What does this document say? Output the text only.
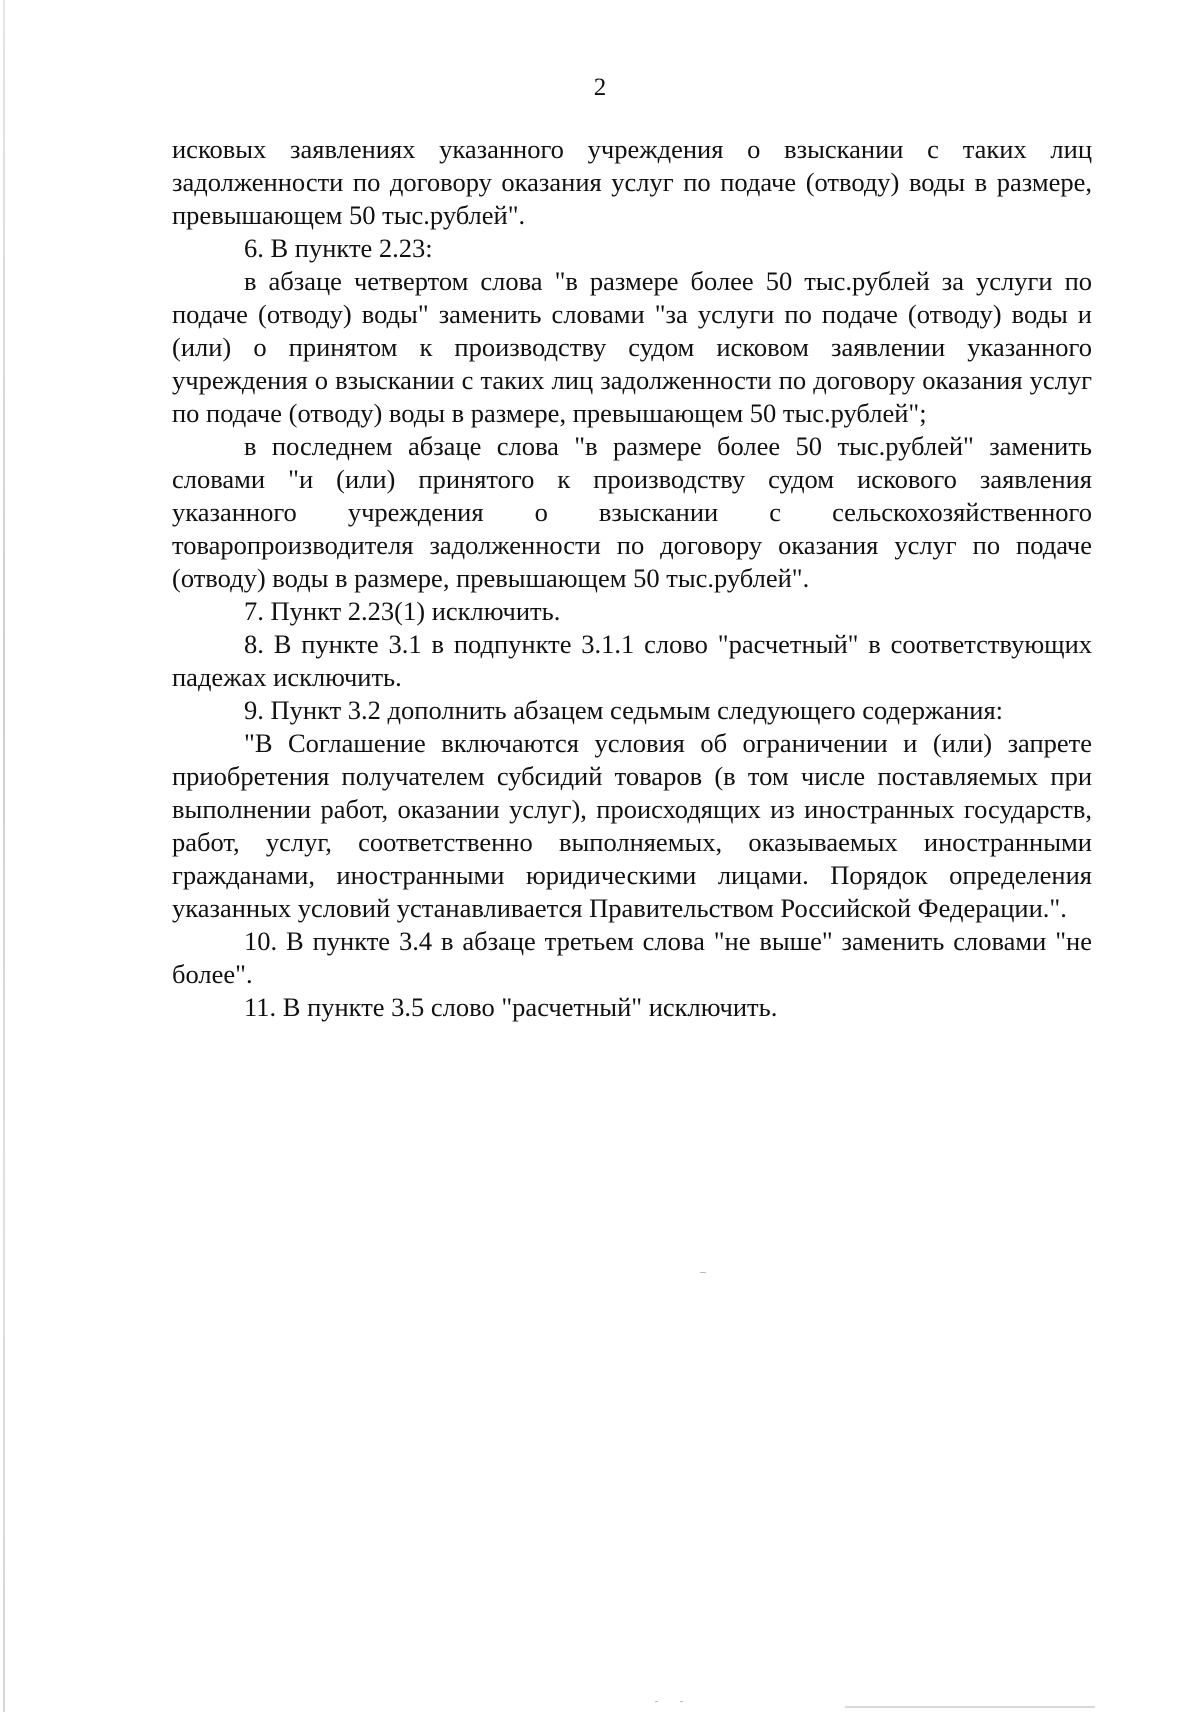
2

исковых заявлениях указанного учреждения о взыскании с таких лиц задолженности по договору оказания услуг по подаче (отводу) воды в размере, превышающем 50 тыс.рублей".

6. В пункте 2.23:

в абзаце четвертом слова "в размере более 50 тыс.рублей за услуги по подаче (отводу) воды" заменить словами "за услуги по подаче (отводу) воды и (или) о принятом к производству судом исковом заявлении указанного учреждения о взыскании с таких лиц задолженности по договору оказания услуг по подаче (отводу) воды в размере, превышающем 50 тыс.рублей";

в последнем абзаце слова "в размере более 50 тыс.рублей" заменить словами "и (или) принятого к производству судом искового заявления указанного учреждения о взыскании с сельскохозяйственного товаропроизводителя задолженности по договору оказания услуг по подаче (отводу) воды в размере, превышающем 50 тыс.рублей".

7. Пункт 2.23(1) исключить.

8. В пункте 3.1 в подпункте 3.1.1 слово "расчетный" в соответствующих падежах исключить.

9. Пункт 3.2 дополнить абзацем седьмым следующего содержания:

"В Соглашение включаются условия об ограничении и (или) запрете приобретения получателем субсидий товаров (в том числе поставляемых при выполнении работ, оказании услуг), происходящих из иностранных государств, работ, услуг, соответственно выполняемых, оказываемых иностранными гражданами, иностранными юридическими лицами. Порядок определения указанных условий устанавливается Правительством Российской Федерации.".

10. В пункте 3.4 в абзаце третьем слова "не выше" заменить словами "не более".

11. В пункте 3.5 слово "расчетный" исключить.
